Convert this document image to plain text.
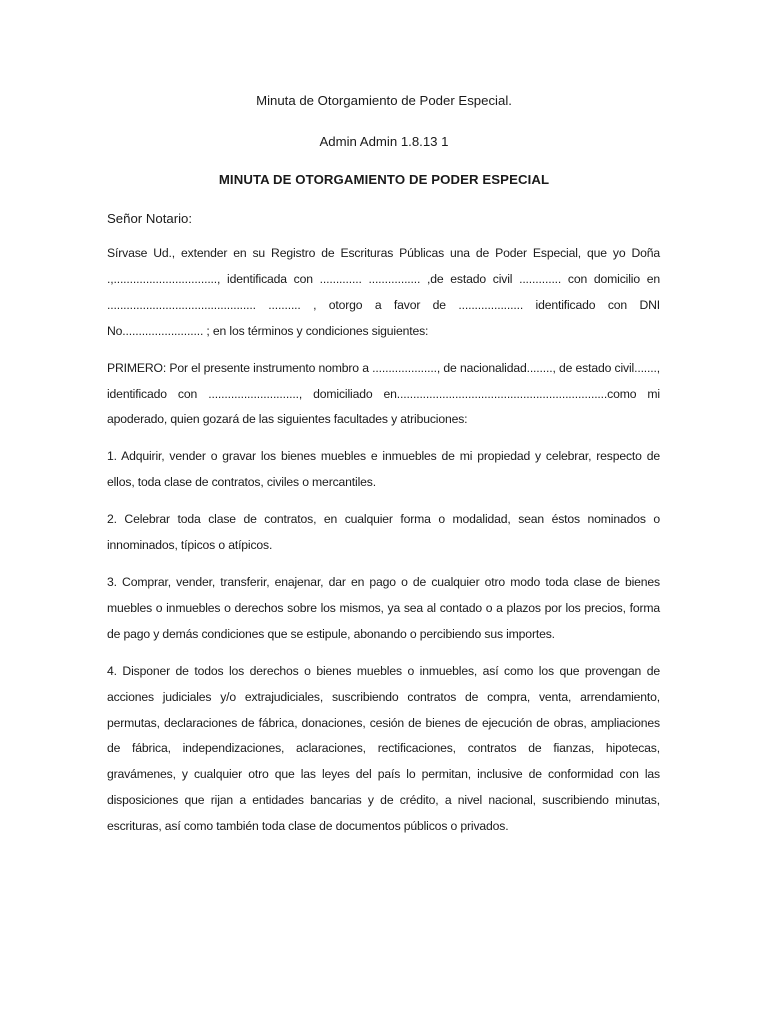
Minuta de Otorgamiento de Poder Especial.
Admin Admin 1.8.13 1
MINUTA DE OTORGAMIENTO DE PODER ESPECIAL
Señor Notario:

Sírvase Ud., extender en su Registro de Escrituras Públicas una de Poder Especial, que yo Doña .,................................, identificada con ............. ................ ,de estado civil ............. con domicilio en .............................................. .......... , otorgo a favor de .................... identificado con DNI No......................... ; en los términos y condiciones siguientes:

PRIMERO: Por el presente instrumento nombro a ...................., de nacionalidad........, de estado civil......., identificado con ............................, domiciliado en.................................................................como mi apoderado, quien gozará de las siguientes facultades y atribuciones:

1. Adquirir, vender o gravar los bienes muebles e inmuebles de mi propiedad y celebrar, respecto de ellos, toda clase de contratos, civiles o mercantiles.

2. Celebrar toda clase de contratos, en cualquier forma o modalidad, sean éstos nominados o innominados, típicos o atípicos.

3. Comprar, vender, transferir, enajenar, dar en pago o de cualquier otro modo toda clase de bienes muebles o inmuebles o derechos sobre los mismos, ya sea al contado o a plazos por los precios, forma de pago y demás condiciones que se estipule, abonando o percibiendo sus importes.

4. Disponer de todos los derechos o bienes muebles o inmuebles, así como los que provengan de acciones judiciales y/o extrajudiciales, suscribiendo contratos de compra, venta, arrendamiento, permutas, declaraciones de fábrica, donaciones, cesión de bienes de ejecución de obras, ampliaciones de fábrica, independizaciones, aclaraciones, rectificaciones, contratos de fianzas, hipotecas, gravámenes, y cualquier otro que las leyes del país lo permitan, inclusive de conformidad con las disposiciones que rijan a entidades bancarias y de crédito, a nivel nacional, suscribiendo minutas, escrituras, así como también toda clase de documentos públicos o privados.
